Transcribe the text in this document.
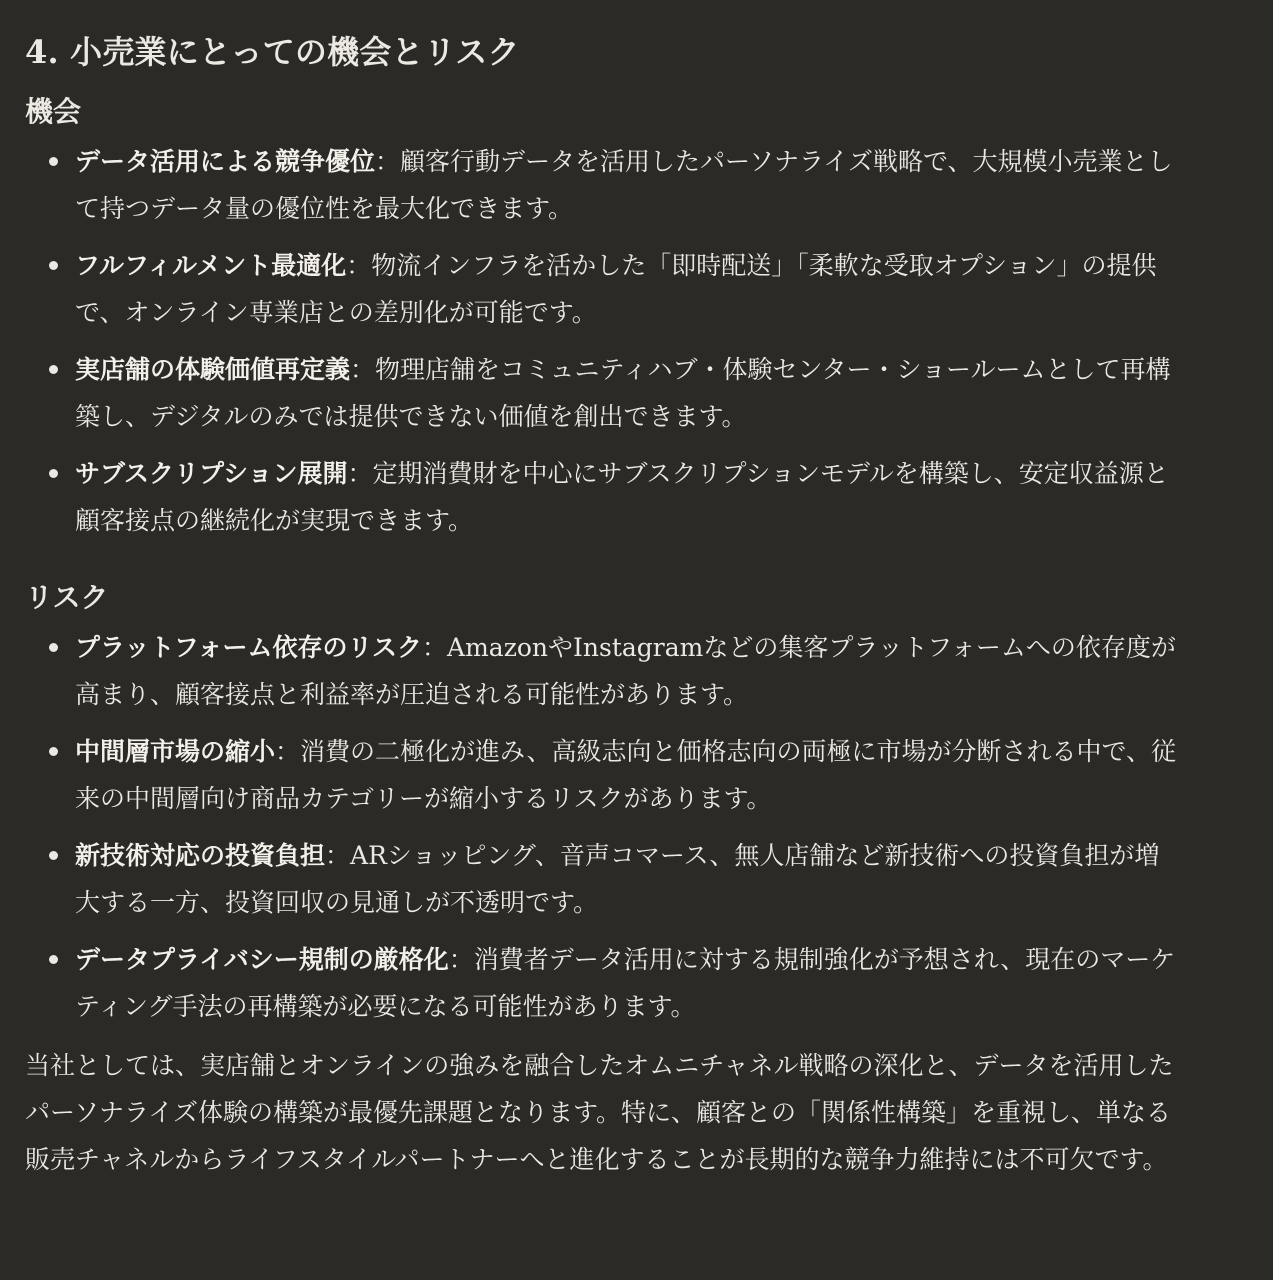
4. 小売業にとっての機会とリスク
機会
データ活用による競争優位：顧客行動データを活用したパーソナライズ戦略で、大規模小売業として持つデータ量の優位性を最大化できます。
フルフィルメント最適化：物流インフラを活かした「即時配送」「柔軟な受取オプション」の提供で、オンライン専業店との差別化が可能です。
実店舗の体験価値再定義：物理店舗をコミュニティハブ・体験センター・ショールームとして再構築し、デジタルのみでは提供できない価値を創出できます。
サブスクリプション展開：定期消費財を中心にサブスクリプションモデルを構築し、安定収益源と顧客接点の継続化が実現できます。
リスク
プラットフォーム依存のリスク：AmazonやInstagramなどの集客プラットフォームへの依存度が高まり、顧客接点と利益率が圧迫される可能性があります。
中間層市場の縮小：消費の二極化が進み、高級志向と価格志向の両極に市場が分断される中で、従来の中間層向け商品カテゴリーが縮小するリスクがあります。
新技術対応の投資負担：ARショッピング、音声コマース、無人店舗など新技術への投資負担が増大する一方、投資回収の見通しが不透明です。
データプライバシー規制の厳格化：消費者データ活用に対する規制強化が予想され、現在のマーケティング手法の再構築が必要になる可能性があります。

当社としては、実店舗とオンラインの強みを融合したオムニチャネル戦略の深化と、データを活用したパーソナライズ体験の構築が最優先課題となります。特に、顧客との「関係性構築」を重視し、単なる販売チャネルからライフスタイルパートナーへと進化することが長期的な競争力維持には不可欠です。
